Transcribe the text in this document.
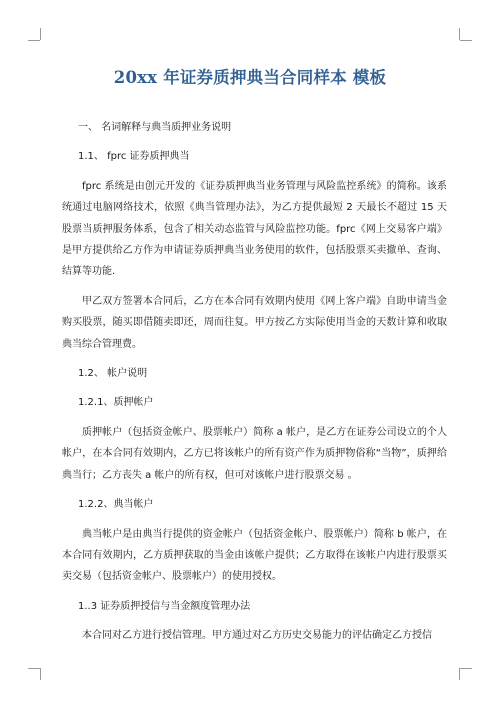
20xx 年证券质押典当合同样本 模板

一、 名词解释与典当质押业务说明

1.1、 fprc 证券质押典当

fprc 系统是由创元开发的《证券质押典当业务管理与风险监控系统》的简称。该系统通过电脑网络技术，依照《典当管理办法》，为乙方提供最短 2 天最长不超过 15 天股票当质押服务体系，包含了相关动态监管与风险监控功能。fprc《网上交易客户端》是甲方提供给乙方作为申请证券质押典当业务使用的软件，包括股票买卖撤单、查询、结算等功能.

甲乙双方签署本合同后，乙方在本合同有效期内使用《网上客户端》自助申请当金购买股票，随买即借随卖即还，周而往复。甲方按乙方实际使用当金的天数计算和收取典当综合管理费。

1.2、 帐户说明

1.2.1、质押帐户

质押帐户（包括资金帐户、股票帐户）简称 a 帐户，是乙方在证券公司设立的个人帐户，在本合同有效期内，乙方已将该帐户的所有资产作为质押物俗称“当物”，质押给典当行；乙方丧失 a 帐户的所有权，但可对该帐户进行股票交易 。

1.2.2、典当帐户

典当帐户是由典当行提供的资金帐户（包括资金帐户、股票帐户）简称 b 帐户，在本合同有效期内，乙方质押获取的当金由该帐户提供；乙方取得在该帐户内进行股票买卖交易（包括资金帐户、股票帐户）的使用授权。

1..3 证券质押授信与当金额度管理办法

本合同对乙方进行授信管理。甲方通过对乙方历史交易能力的评估确定乙方授信
